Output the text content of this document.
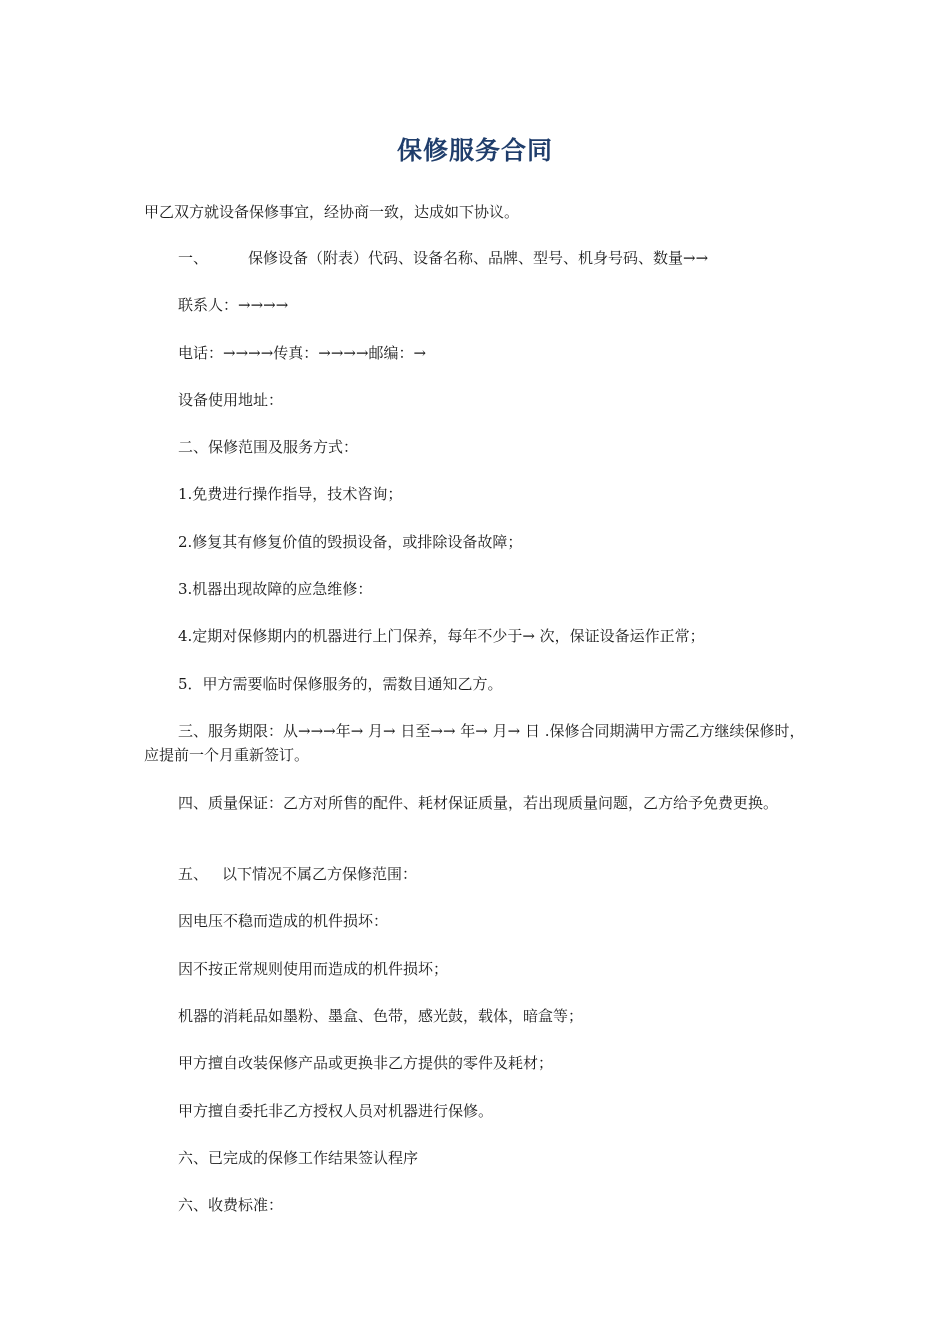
保修服务合同

甲乙双方就设备保修事宜，经协商一致，达成如下协议。

一、	保修设备（附表）代码、设备名称、品牌、型号、机身号码、数量→→

联系人：→→→→

电话：→→→→传真：→→→→邮编：→

设备使用地址：

二、保修范围及服务方式：

1.免费进行操作指导，技术咨询；

2.修复其有修复价值的毁损设备，或排除设备故障；

3.机器出现故障的应急维修：

4.定期对保修期内的机器进行上门保养，每年不少于→ 次，保证设备运作正常；

5．甲方需要临时保修服务的，需数目通知乙方。

三、服务期限：从→→→年→ 月→ 日至→→ 年→ 月→ 日 .保修合同期满甲方需乙方继续保修时，应提前一个月重新签订。

四、质量保证：乙方对所售的配件、耗材保证质量，若出现质量问题，乙方给予免费更换。

五、 以下情况不属乙方保修范围：

因电压不稳而造成的机件损坏：

因不按正常规则使用而造成的机件损坏；

机器的消耗品如墨粉、墨盒、色带，感光鼓，载体，暗盒等；

甲方擅自改装保修产品或更换非乙方提供的零件及耗材；

甲方擅自委托非乙方授权人员对机器进行保修。

六、已完成的保修工作结果签认程序

六、收费标准：
